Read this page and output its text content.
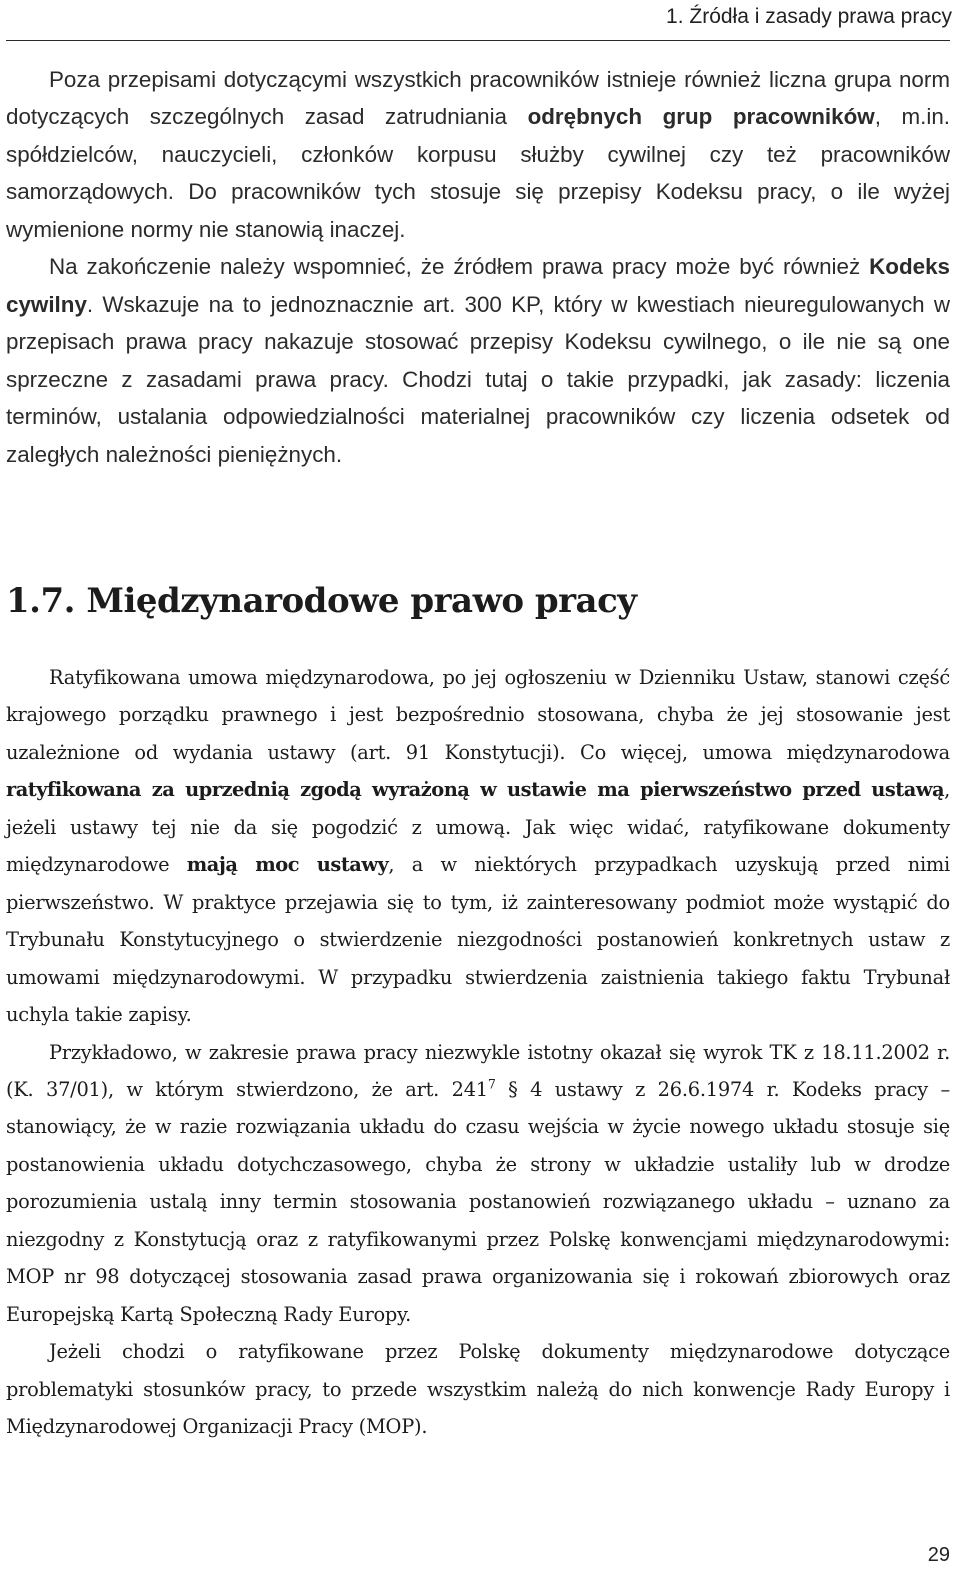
1. Źródła i zasady prawa pracy

Poza przepisami dotyczącymi wszystkich pracowników istnieje również liczna grupa norm dotyczących szczególnych zasad zatrudniania odrębnych grup pracowników, m.in. spółdzielców, nauczycieli, członków korpusu służby cywilnej czy też pracowników samorządowych. Do pracowników tych stosuje się przepisy Kodeksu pracy, o ile wyżej wymienione normy nie stanowią inaczej.

Na zakończenie należy wspomnieć, że źródłem prawa pracy może być również Kodeks cywilny. Wskazuje na to jednoznacznie art. 300 KP, który w kwestiach nieuregulowanych w przepisach prawa pracy nakazuje stosować przepisy Kodeksu cywilnego, o ile nie są one sprzeczne z zasadami prawa pracy. Chodzi tutaj o takie przypadki, jak zasady: liczenia terminów, ustalania odpowiedzialności materialnej pracowników czy liczenia odsetek od zaległych należności pieniężnych.

1.7. Międzynarodowe prawo pracy

Ratyfikowana umowa międzynarodowa, po jej ogłoszeniu w Dzienniku Ustaw, stanowi część krajowego porządku prawnego i jest bezpośrednio stosowana, chyba że jej stosowanie jest uzależnione od wydania ustawy (art. 91 Konstytucji). Co więcej, umowa międzynarodowa ratyfikowana za uprzednią zgodą wyrażoną w ustawie ma pierwszeństwo przed ustawą, jeżeli ustawy tej nie da się pogodzić z umową. Jak więc widać, ratyfikowane dokumenty międzynarodowe mają moc ustawy, a w niektórych przypadkach uzyskują przed nimi pierwszeństwo. W praktyce przejawia się to tym, iż zainteresowany podmiot może wystąpić do Trybunału Konstytucyjnego o stwierdzenie niezgodności postanowień konkretnych ustaw z umowami międzynarodowymi. W przypadku stwierdzenia zaistnienia takiego faktu Trybunał uchyla takie zapisy.

Przykładowo, w zakresie prawa pracy niezwykle istotny okazał się wyrok TK z 18.11.2002 r. (K. 37/01), w którym stwierdzono, że art. $241^7$ § 4 ustawy z 26.6.1974 r. Kodeks pracy – stanowiący, że w razie rozwiązania układu do czasu wejścia w życie nowego układu stosuje się postanowienia układu dotychczasowego, chyba że strony w układzie ustaliły lub w drodze porozumienia ustalą inny termin stosowania postanowień rozwiązanego układu – uznano za niezgodny z Konstytucją oraz z ratyfikowanymi przez Polskę konwencjami międzynarodowymi: MOP nr 98 dotyczącej stosowania zasad prawa organizowania się i rokowań zbiorowych oraz Europejską Kartą Społeczną Rady Europy.

Jeżeli chodzi o ratyfikowane przez Polskę dokumenty międzynarodowe dotyczące problematyki stosunków pracy, to przede wszystkim należą do nich konwencje Rady Europy i Międzynarodowej Organizacji Pracy (MOP).

29
